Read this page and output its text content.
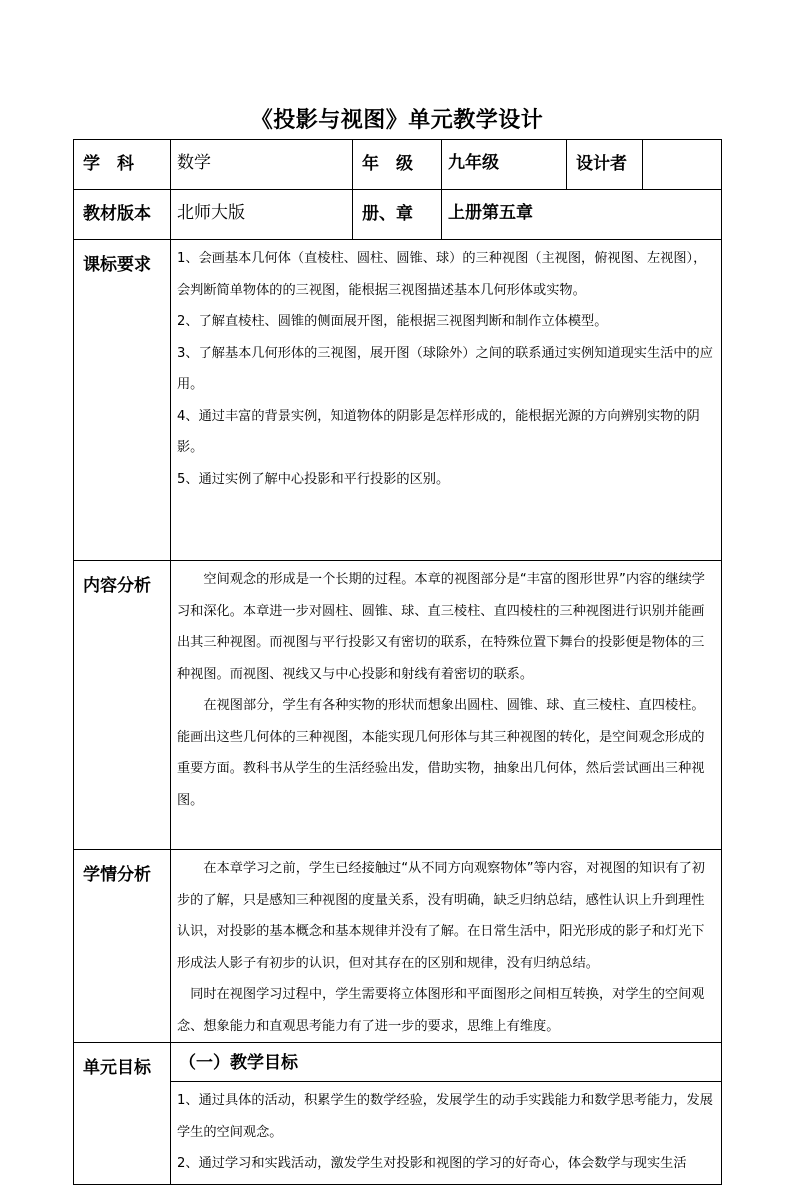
《投影与视图》单元教学设计
学　科	数学	年　级	九年级	设计者	
教材版本	北师大版	册、章	上册第五章		
课标要求	1、会画基本几何体（直棱柱、圆柱、圆锥、球）的三种视图（主视图，俯视图、左视图），会判断简单物体的的三视图，能根据三视图描述基本几何形体或实物。

2、了解直棱柱、圆锥的侧面展开图，能根据三视图判断和制作立体模型。

3、了解基本几何形体的三视图，展开图（球除外）之间的联系通过实例知道现实生活中的应用。

4、通过丰富的背景实例，知道物体的阴影是怎样形成的，能根据光源的方向辨别实物的阴影。

5、通过实例了解中心投影和平行投影的区别。				

内容分析	空间观念的形成是一个长期的过程。本章的视图部分是“丰富的图形世界”内容的继续学习和深化。本章进一步对圆柱、圆锥、球、直三棱柱、直四棱柱的三种视图进行识别并能画出其三种视图。而视图与平行投影又有密切的联系，在特殊位置下舞台的投影便是物体的三种视图。而视图、视线又与中心投影和射线有着密切的联系。

在视图部分，学生有各种实物的形状而想象出圆柱、圆锥、球、直三棱柱、直四棱柱。能画出这些几何体的三种视图，本能实现几何形体与其三种视图的转化，是空间观念形成的重要方面。教科书从学生的生活经验出发，借助实物，抽象出几何体，然后尝试画出三种视图。				

学情分析	在本章学习之前，学生已经接触过“从不同方向观察物体”等内容，对视图的知识有了初步的了解，只是感知三种视图的度量关系，没有明确，缺乏归纳总结，感性认识上升到理性认识，对投影的基本概念和基本规律并没有了解。在日常生活中，阳光形成的影子和灯光下形成法人影子有初步的认识，但对其存在的区别和规律，没有归纳总结。

同时在视图学习过程中，学生需要将立体图形和平面图形之间相互转换，对学生的空间观念、想象能力和直观思考能力有了进一步的要求，思维上有维度。				

单元目标	（一）教学目标

1、通过具体的活动，积累学生的数学经验，发展学生的动手实践能力和数学思考能力，发展学生的空间观念。

2、通过学习和实践活动，激发学生对投影和视图的学习的好奇心，体会数学与现实生活				
